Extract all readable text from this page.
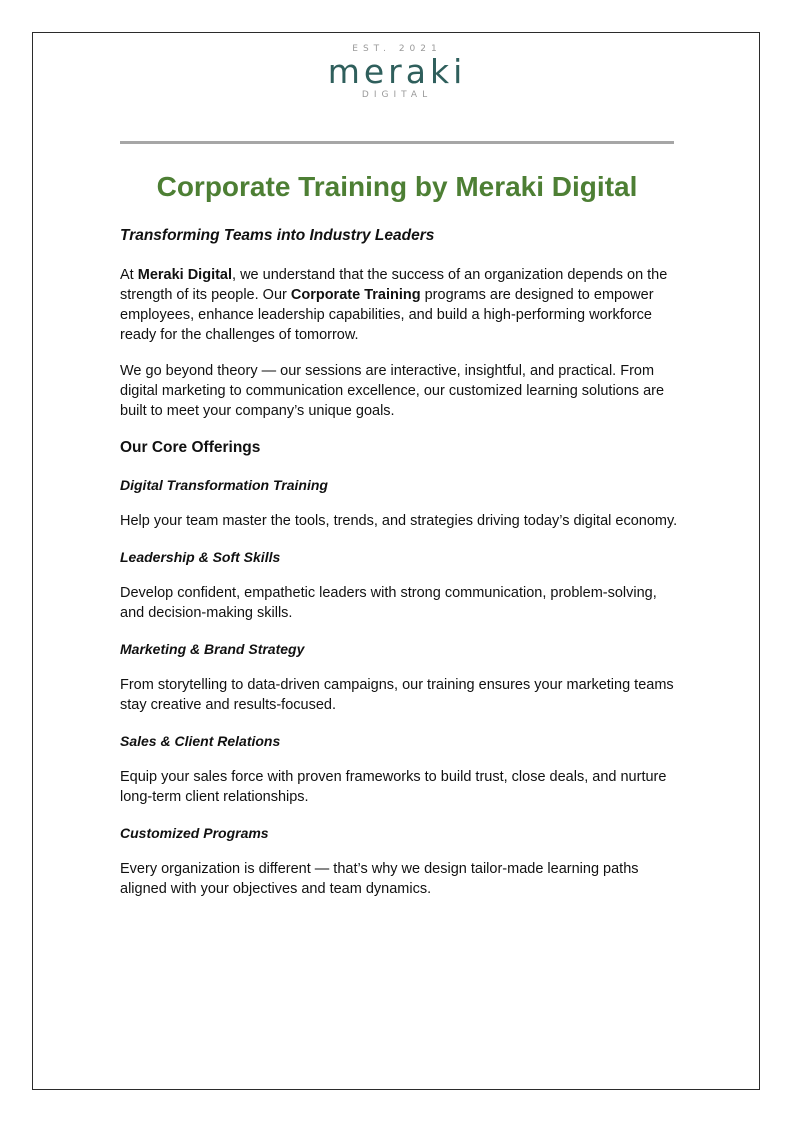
EST. 2021
meraki
DIGITAL
Corporate Training by Meraki Digital

Transforming Teams into Industry Leaders

At Meraki Digital, we understand that the success of an organization depends on the strength of its people. Our Corporate Training programs are designed to empower employees, enhance leadership capabilities, and build a high-performing workforce ready for the challenges of tomorrow.

We go beyond theory — our sessions are interactive, insightful, and practical. From digital marketing to communication excellence, our customized learning solutions are built to meet your company’s unique goals.

Our Core Offerings

Digital Transformation Training

Help your team master the tools, trends, and strategies driving today’s digital economy.

Leadership & Soft Skills

Develop confident, empathetic leaders with strong communication, problem-solving, and decision-making skills.

Marketing & Brand Strategy

From storytelling to data-driven campaigns, our training ensures your marketing teams stay creative and results-focused.

Sales & Client Relations

Equip your sales force with proven frameworks to build trust, close deals, and nurture long-term client relationships.

Customized Programs

Every organization is different — that’s why we design tailor-made learning paths aligned with your objectives and team dynamics.
